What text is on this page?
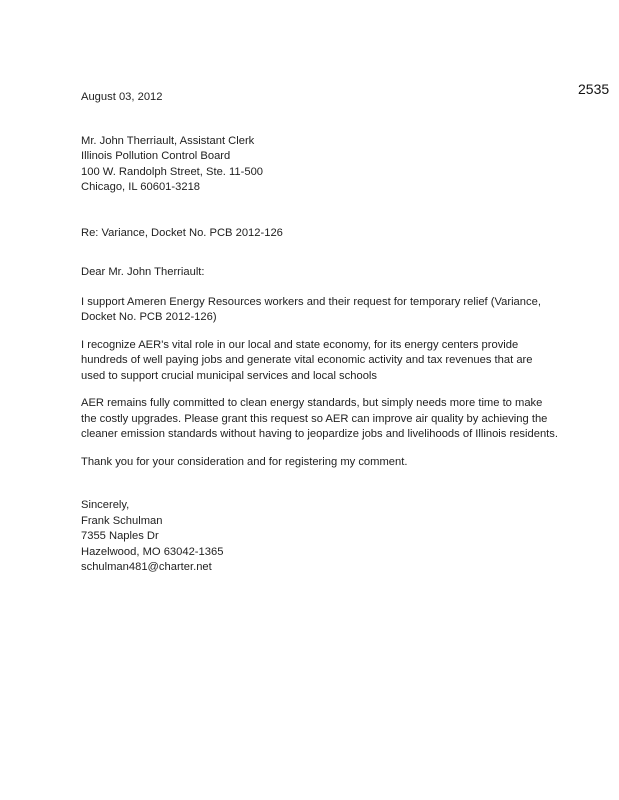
2535
August 03, 2012
Mr. John Therriault, Assistant Clerk
Illinois Pollution Control Board
100 W. Randolph Street, Ste. 11-500
Chicago, IL 60601-3218
Re: Variance, Docket No. PCB 2012-126
Dear Mr. John Therriault:
I support Ameren Energy Resources workers and their request for temporary relief (Variance,
Docket No. PCB 2012-126)
I recognize AER's vital role in our local and state economy, for its energy centers provide
hundreds of well paying jobs and generate vital economic activity and tax revenues that are
used to support crucial municipal services and local schools
AER remains fully committed to clean energy standards, but simply needs more time to make
the costly upgrades. Please grant this request so AER can improve air quality by achieving the
cleaner emission standards without having to jeopardize jobs and livelihoods of Illinois residents.
Thank you for your consideration and for registering my comment.
Sincerely,
Frank Schulman
7355 Naples Dr
Hazelwood, MO 63042-1365
schulman481@charter.net
